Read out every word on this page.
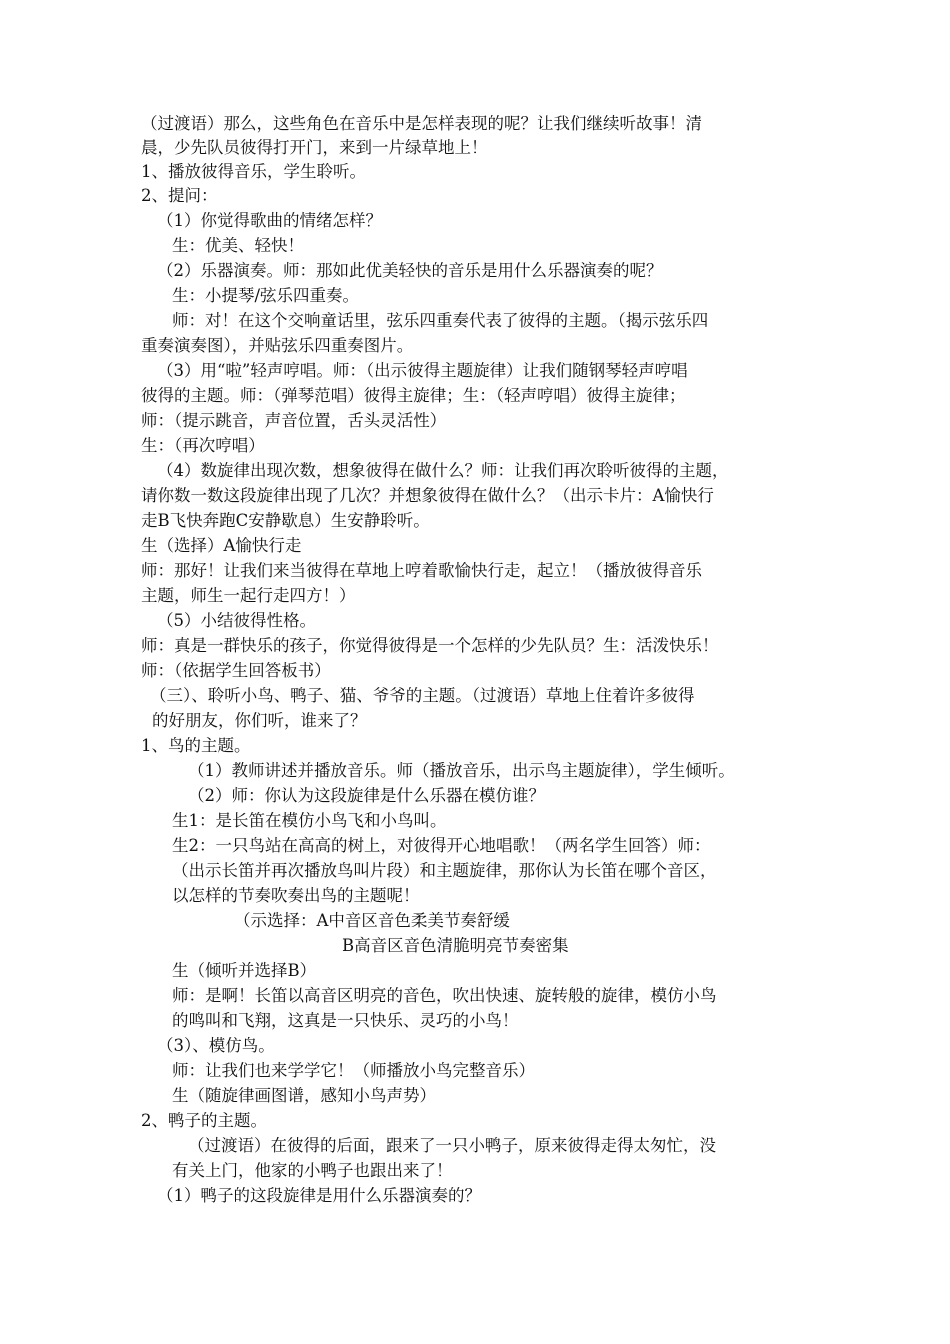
（过渡语）那么，这些角色在音乐中是怎样表现的呢？让我们继续听故事！清
晨，少先队员彼得打开门，来到一片绿草地上！
1、播放彼得音乐，学生聆听。
2、提问：
（1）你觉得歌曲的情绪怎样？
生：优美、轻快！
（2）乐器演奏。师：那如此优美轻快的音乐是用什么乐器演奏的呢？
生：小提琴/弦乐四重奏。
师：对！在这个交响童话里，弦乐四重奏代表了彼得的主题。（揭示弦乐四
重奏演奏图），并贴弦乐四重奏图片。
（3）用“啦”轻声哼唱。师：（出示彼得主题旋律）让我们随钢琴轻声哼唱
彼得的主题。师：（弹琴范唱）彼得主旋律；生：（轻声哼唱）彼得主旋律；
师：（提示跳音，声音位置，舌头灵活性）
生：（再次哼唱）
（4）数旋律出现次数，想象彼得在做什么？师：让我们再次聆听彼得的主题，
请你数一数这段旋律出现了几次？并想象彼得在做什么？（出示卡片：A愉快行
走B飞快奔跑C安静歇息）生安静聆听。
生（选择）A愉快行走
师：那好！让我们来当彼得在草地上哼着歌愉快行走，起立！（播放彼得音乐
主题，师生一起行走四方！）
（5）小结彼得性格。
师：真是一群快乐的孩子，你觉得彼得是一个怎样的少先队员？生：活泼快乐！
师：（依据学生回答板书）
（三）、聆听小鸟、鸭子、猫、爷爷的主题。（过渡语）草地上住着许多彼得
的好朋友，你们听，谁来了？
1、鸟的主题。
（1）教师讲述并播放音乐。师（播放音乐，出示鸟主题旋律），学生倾听。
（2）师：你认为这段旋律是什么乐器在模仿谁？
生1：是长笛在模仿小鸟飞和小鸟叫。
生2：一只鸟站在高高的树上，对彼得开心地唱歌！（两名学生回答）师：
（出示长笛并再次播放鸟叫片段）和主题旋律，那你认为长笛在哪个音区，
以怎样的节奏吹奏出鸟的主题呢！
（示选择：A中音区音色柔美节奏舒缓
B高音区音色清脆明亮节奏密集
生（倾听并选择B）
师：是啊！长笛以高音区明亮的音色，吹出快速、旋转般的旋律，模仿小鸟
的鸣叫和飞翔，这真是一只快乐、灵巧的小鸟！
（3）、模仿鸟。
师：让我们也来学学它！（师播放小鸟完整音乐）
生（随旋律画图谱，感知小鸟声势）
2、鸭子的主题。
（过渡语）在彼得的后面，跟来了一只小鸭子，原来彼得走得太匆忙，没
有关上门，他家的小鸭子也跟出来了！
（1）鸭子的这段旋律是用什么乐器演奏的？
